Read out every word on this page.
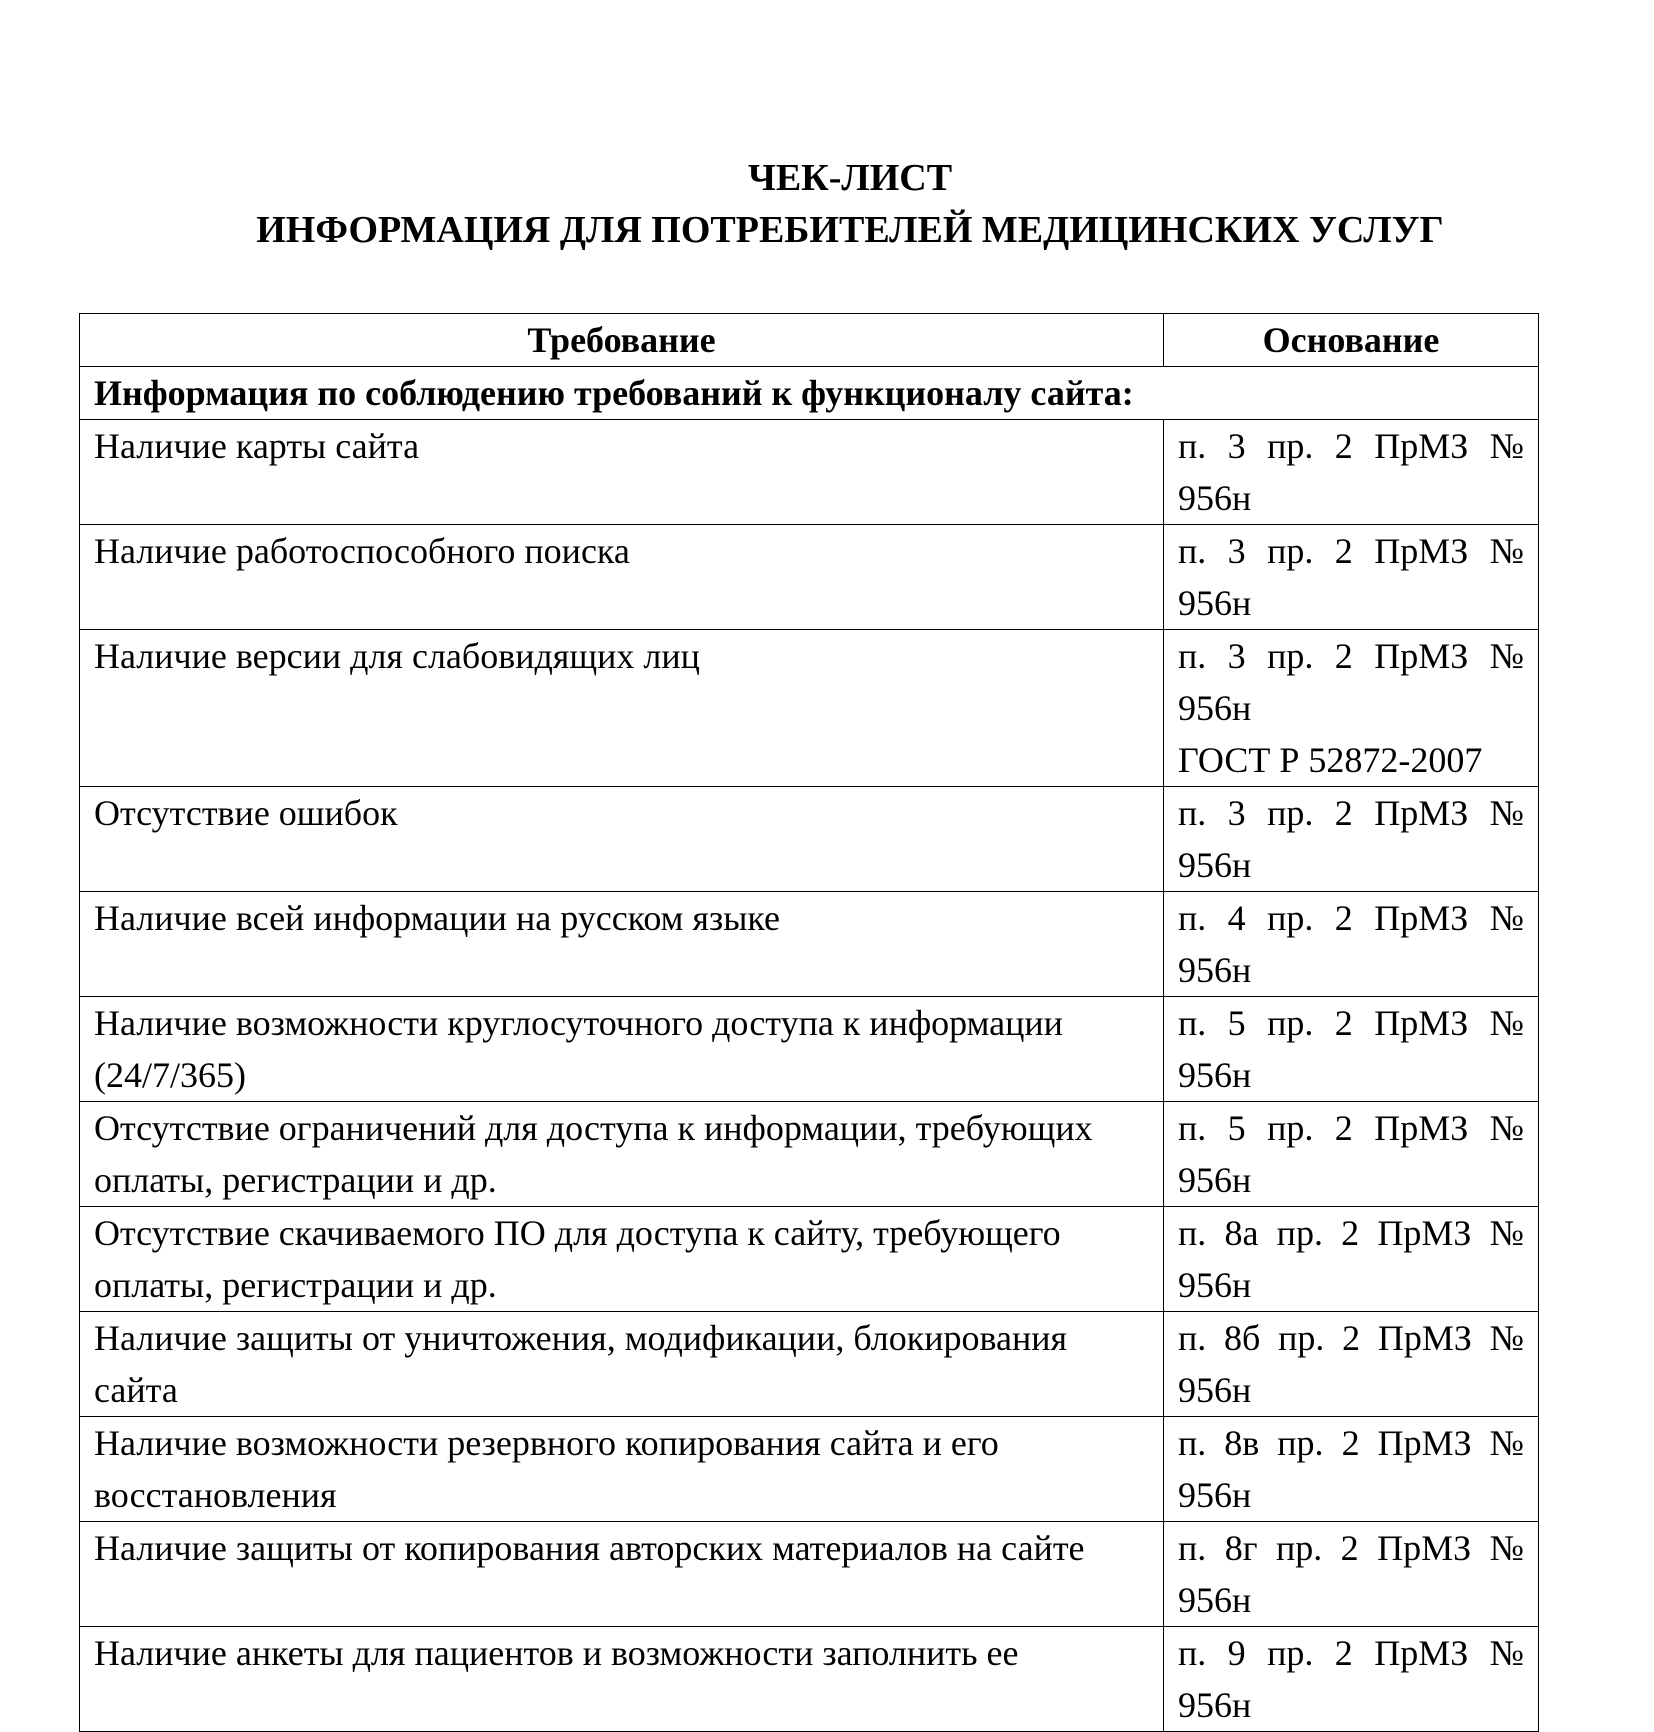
ЧЕК-ЛИСТ
ИНФОРМАЦИЯ ДЛЯ ПОТРЕБИТЕЛЕЙ МЕДИЦИНСКИХ УСЛУГ
Требование	Основание
Информация по соблюдению требований к функционалу сайта:	
Наличие карты сайта	п. 3 пр. 2 ПрМЗ №
956н

Наличие работоспособного поиска	п. 3 пр. 2 ПрМЗ №
956н

Наличие версии для слабовидящих лиц	п. 3 пр. 2 ПрМЗ №
956н
ГОСТ Р 52872-2007

Отсутствие ошибок	п. 3 пр. 2 ПрМЗ №
956н

Наличие всей информации на русском языке	п. 4 пр. 2 ПрМЗ №
956н

Наличие возможности круглосуточного доступа к информации (24/7/365)	п. 5 пр. 2 ПрМЗ №
956н

Отсутствие ограничений для доступа к информации, требующих оплаты, регистрации и др.	п. 5 пр. 2 ПрМЗ №
956н

Отсутствие скачиваемого ПО для доступа к сайту, требующего оплаты, регистрации и др.	п. 8а пр. 2 ПрМЗ №
956н

Наличие защиты от уничтожения, модификации, блокирования сайта	п. 8б пр. 2 ПрМЗ №
956н

Наличие возможности резервного копирования сайта и его восстановления	п. 8в пр. 2 ПрМЗ №
956н

Наличие защиты от копирования авторских материалов на сайте	п. 8г пр. 2 ПрМЗ №
956н

Наличие анкеты для пациентов и возможности заполнить ее	п. 9 пр. 2 ПрМЗ №
956н
